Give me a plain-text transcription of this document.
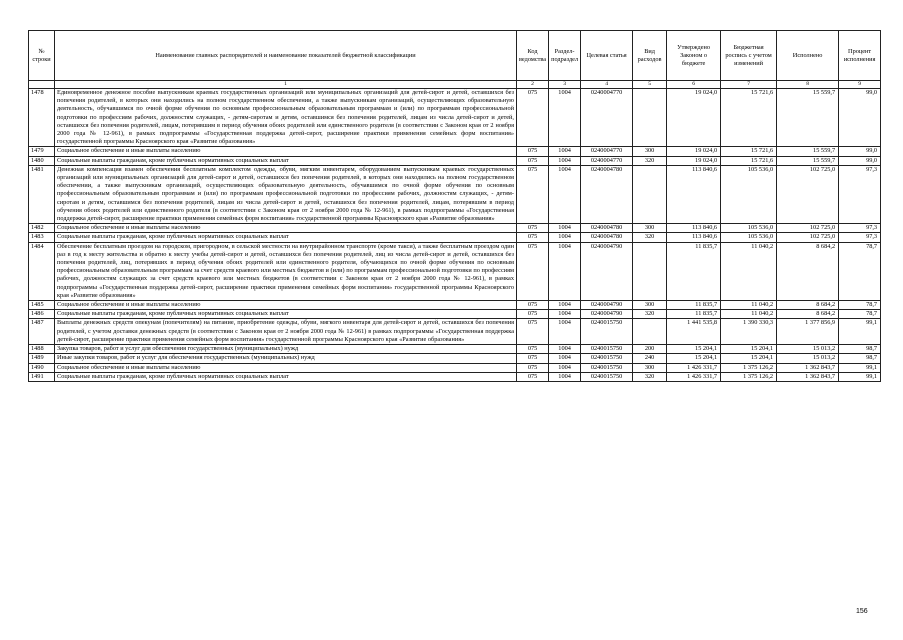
№ строки	Наименование главных распорядителей и наименование показателей бюджетной классификации	Код ведомства	Раздел-подраздел	Целевая статья	Вид расходов	Утверждено Законом о бюджете	Бюджетная роспись с учетом изменений	Исполнено	Процент исполнения
	1	2	3	4	5	6	7	8	9
1478	Единовременное денежное пособие выпускникам краевых государственных организаций или муниципальных организаций для детей-сирот и детей, оставшихся без попечения родителей, в которых они находились на полном государственном обеспечении, а также выпускникам организаций, осуществляющих образовательную деятельность, обучавшимся по очной форме обучения по основным профессиональным образовательным программам и (или) по программам профессиональной подготовки по профессиям рабочих, должностям служащих, - детям-сиротам и детям, оставшимся без попечения родителей, лицам из числа детей-сирот и детей, оставшихся без попечения родителей, лицам, потерявшим в период обучения обоих родителей или единственного родителя (в соответствии с Законом края от 2 ноября 2000 года № 12-961), в рамках подпрограммы «Государственная поддержка детей-сирот, расширение практики применения семейных форм воспитания» государственной программы Красноярского края «Развитие образования»	075	1004	0240004770		19 024,0	15 721,6	15 559,7	99,0
1479	Социальное обеспечение и иные выплаты населению	075	1004	0240004770	300	19 024,0	15 721,6	15 559,7	99,0
1480	Социальные выплаты гражданам, кроме публичных нормативных социальных выплат	075	1004	0240004770	320	19 024,0	15 721,6	15 559,7	99,0
1481	Денежная компенсация взамен обеспечения бесплатным комплектом одежды, обуви, мягким инвентарем, оборудованием выпускникам краевых государственных организаций или муниципальных организаций для детей-сирот и детей, оставшихся без попечения родителей, в которых они находились на полном государственном обеспечении, а также выпускникам организаций, осуществляющих образовательную деятельность, обучавшимся по очной форме обучения по основным профессиональным образовательным программам и (или) по программам профессиональной подготовки по профессиям рабочих, должностям служащих, - детям-сиротам и детям, оставшимся без попечения родителей, лицам из числа детей-сирот и детей, оставшихся без попечения родителей, лицам, потерявшим в период обучения обоих родителей или единственного родителя (в соответствии с Законом края от 2 ноября 2000 года № 12-961), в рамках подпрограммы «Государственная поддержка детей-сирот, расширение практики применения семейных форм воспитания» государственной программы Красноярского края «Развитие образования»	075	1004	0240004780		113 840,6	105 536,0	102 725,0	97,3
1482	Социальное обеспечение и иные выплаты населению	075	1004	0240004780	300	113 840,6	105 536,0	102 725,0	97,3
1483	Социальные выплаты гражданам, кроме публичных нормативных социальных выплат	075	1004	0240004780	320	113 840,6	105 536,0	102 725,0	97,3
1484	Обеспечение бесплатным проездом на городском, пригородном, в сельской местности на внутрирайонном транспорте (кроме такси), а также бесплатным проездом один раз в год к месту жительства и обратно к месту учебы детей-сирот и детей, оставшихся без попечения родителей, лиц из числа детей-сирот и детей, оставшихся без попечения родителей, лиц, потерявших в период обучения обоих родителей или единственного родителя, обучающихся по очной форме обучения по основным профессиональным образовательным программам за счет средств краевого или местных бюджетов и (или) по программам профессиональной подготовки по профессиям рабочих, должностям служащих за счет средств краевого или местных бюджетов (в соответствии с Законом края от 2 ноября 2000 года № 12-961), в рамках подпрограммы «Государственная поддержка детей-сирот, расширение практики применения семейных форм воспитания» государственной программы Красноярского края «Развитие образования»	075	1004	0240004790		11 835,7	11 040,2	8 684,2	78,7
1485	Социальное обеспечение и иные выплаты населению	075	1004	0240004790	300	11 835,7	11 040,2	8 684,2	78,7
1486	Социальные выплаты гражданам, кроме публичных нормативных социальных выплат	075	1004	0240004790	320	11 835,7	11 040,2	8 684,2	78,7
1487	Выплаты денежных средств опекунам (попечителям) на питание, приобретение одежды, обуви, мягкого инвентаря для детей-сирот и детей, оставшихся без попечения родителей, с учетом доставки денежных средств (в соответствии с Законом края от 2 ноября 2000 года № 12-961) в рамках подпрограммы «Государственная поддержка детей-сирот, расширение практики применения семейных форм воспитания» государственной программы Красноярского края «Развитие образования»	075	1004	0240015750		1 441 535,8	1 390 330,3	1 377 856,9	99,1
1488	Закупка товаров, работ и услуг для обеспечения государственных (муниципальных) нужд	075	1004	0240015750	200	15 204,1	15 204,1	15 013,2	98,7
1489	Иные закупки товаров, работ и услуг для обеспечения государственных (муниципальных) нужд	075	1004	0240015750	240	15 204,1	15 204,1	15 013,2	98,7
1490	Социальное обеспечение и иные выплаты населению	075	1004	0240015750	300	1 426 331,7	1 375 126,2	1 362 843,7	99,1
1491	Социальные выплаты гражданам, кроме публичных нормативных социальных выплат	075	1004	0240015750	320	1 426 331,7	1 375 126,2	1 362 843,7	99,1
156
